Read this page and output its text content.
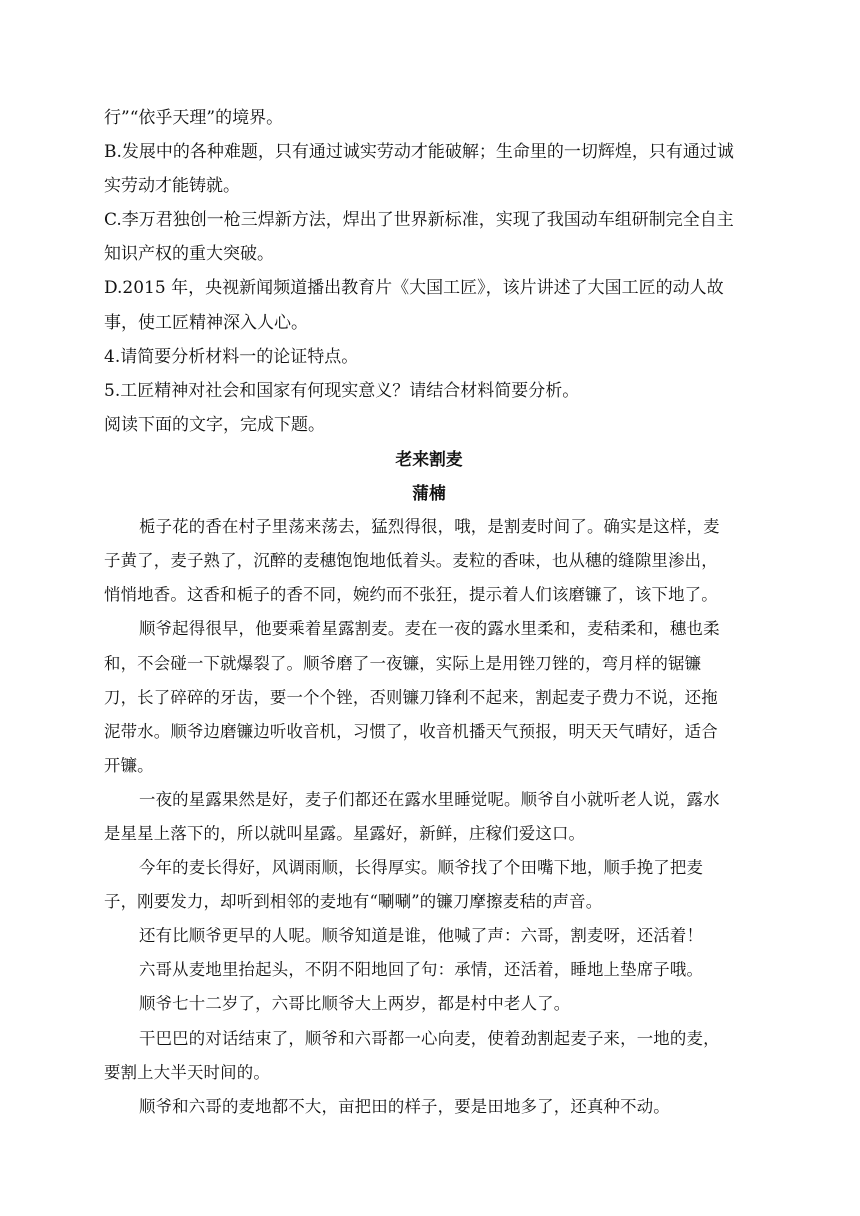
行”“依乎天理”的境界。
B.发展中的各种难题，只有通过诚实劳动才能破解；生命里的一切辉煌，只有通过诚
实劳动才能铸就。
C.李万君独创一枪三焊新方法，焊出了世界新标准，实现了我国动车组研制完全自主
知识产权的重大突破。
D.2015 年，央视新闻频道播出教育片《大国工匠》，该片讲述了大国工匠的动人故
事，使工匠精神深入人心。
4.请简要分析材料一的论证特点。
5.工匠精神对社会和国家有何现实意义？请结合材料简要分析。
阅读下面的文字，完成下题。
老来割麦
蒲楠
栀子花的香在村子里荡来荡去，猛烈得很，哦，是割麦时间了。确实是这样，麦
子黄了，麦子熟了，沉醉的麦穗饱饱地低着头。麦粒的香味，也从穗的缝隙里渗出，
悄悄地香。这香和栀子的香不同，婉约而不张狂，提示着人们该磨镰了，该下地了。
顺爷起得很早，他要乘着星露割麦。麦在一夜的露水里柔和，麦秸柔和，穗也柔
和，不会碰一下就爆裂了。顺爷磨了一夜镰，实际上是用锉刀锉的，弯月样的锯镰
刀，长了碎碎的牙齿，要一个个锉，否则镰刀锋利不起来，割起麦子费力不说，还拖
泥带水。顺爷边磨镰边听收音机，习惯了，收音机播天气预报，明天天气晴好，适合
开镰。
一夜的星露果然是好，麦子们都还在露水里睡觉呢。顺爷自小就听老人说，露水
是星星上落下的，所以就叫星露。星露好，新鲜，庄稼们爱这口。
今年的麦长得好，风调雨顺，长得厚实。顺爷找了个田嘴下地，顺手挽了把麦
子，刚要发力，却听到相邻的麦地有“唰唰”的镰刀摩擦麦秸的声音。
还有比顺爷更早的人呢。顺爷知道是谁，他喊了声：六哥，割麦呀，还活着！
六哥从麦地里抬起头，不阴不阳地回了句：承情，还活着，睡地上垫席子哦。
顺爷七十二岁了，六哥比顺爷大上两岁，都是村中老人了。
干巴巴的对话结束了，顺爷和六哥都一心向麦，使着劲割起麦子来，一地的麦，
要割上大半天时间的。
顺爷和六哥的麦地都不大，亩把田的样子，要是田地多了，还真种不动。
